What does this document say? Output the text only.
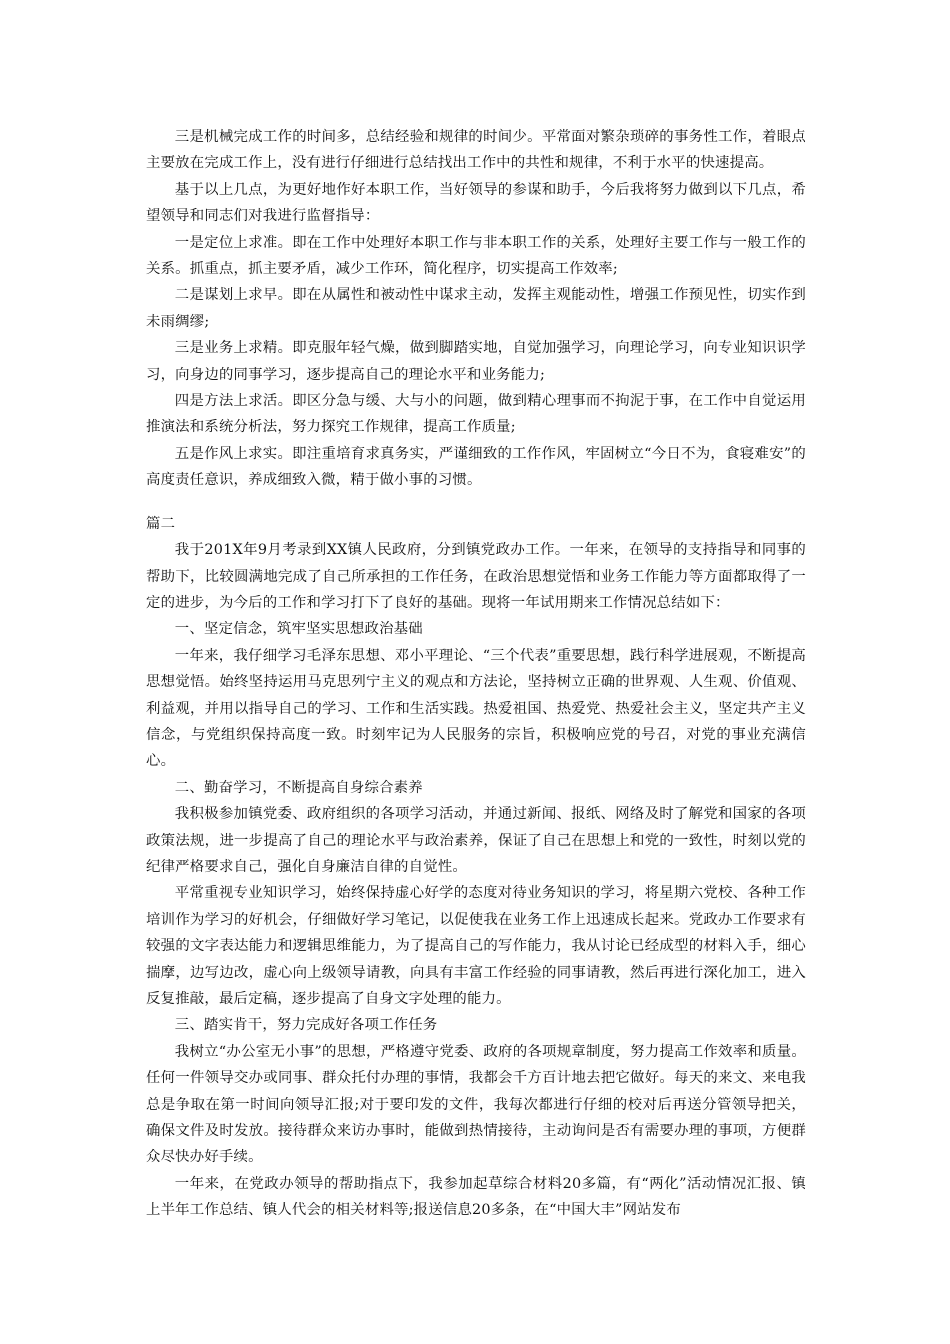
三是机械完成工作的时间多，总结经验和规律的时间少。平常面对繁杂琐碎的事务性工作，着眼点主要放在完成工作上，没有进行仔细进行总结找出工作中的共性和规律，不利于水平的快速提高。

基于以上几点，为更好地作好本职工作，当好领导的参谋和助手，今后我将努力做到以下几点，希望领导和同志们对我进行监督指导：

一是定位上求准。即在工作中处理好本职工作与非本职工作的关系，处理好主要工作与一般工作的关系。抓重点，抓主要矛盾，减少工作环，简化程序，切实提高工作效率;

二是谋划上求早。即在从属性和被动性中谋求主动，发挥主观能动性，增强工作预见性，切实作到未雨绸缪;

三是业务上求精。即克服年轻气燥，做到脚踏实地，自觉加强学习，向理论学习，向专业知识识学习，向身边的同事学习，逐步提高自己的理论水平和业务能力;

四是方法上求活。即区分急与缓、大与小的问题，做到精心理事而不拘泥于事，在工作中自觉运用推演法和系统分析法，努力探究工作规律，提高工作质量;

五是作风上求实。即注重培育求真务实，严谨细致的工作作风，牢固树立“今日不为，食寝难安”的高度责任意识，养成细致入微，精于做小事的习惯。

篇二

我于201X年9月考录到XX镇人民政府，分到镇党政办工作。一年来，在领导的支持指导和同事的帮助下，比较圆满地完成了自己所承担的工作任务，在政治思想觉悟和业务工作能力等方面都取得了一定的进步，为今后的工作和学习打下了良好的基础。现将一年试用期来工作情况总结如下：

一、坚定信念，筑牢坚实思想政治基础

一年来，我仔细学习毛泽东思想、邓小平理论、“三个代表”重要思想，践行科学进展观，不断提高思想觉悟。始终坚持运用马克思列宁主义的观点和方法论，坚持树立正确的世界观、人生观、价值观、利益观，并用以指导自己的学习、工作和生活实践。热爱祖国、热爱党、热爱社会主义，坚定共产主义信念，与党组织保持高度一致。时刻牢记为人民服务的宗旨，积极响应党的号召，对党的事业充满信心。

二、勤奋学习，不断提高自身综合素养

我积极参加镇党委、政府组织的各项学习活动，并通过新闻、报纸、网络及时了解党和国家的各项政策法规，进一步提高了自己的理论水平与政治素养，保证了自己在思想上和党的一致性，时刻以党的纪律严格要求自己，强化自身廉洁自律的自觉性。

平常重视专业知识学习，始终保持虚心好学的态度对待业务知识的学习，将星期六党校、各种工作培训作为学习的好机会，仔细做好学习笔记，以促使我在业务工作上迅速成长起来。党政办工作要求有较强的文字表达能力和逻辑思维能力，为了提高自己的写作能力，我从讨论已经成型的材料入手，细心揣摩，边写边改，虚心向上级领导请教，向具有丰富工作经验的同事请教，然后再进行深化加工，进入反复推敲，最后定稿，逐步提高了自身文字处理的能力。

三、踏实肯干，努力完成好各项工作任务

我树立“办公室无小事”的思想，严格遵守党委、政府的各项规章制度，努力提高工作效率和质量。任何一件领导交办或同事、群众托付办理的事情，我都会千方百计地去把它做好。每天的来文、来电我总是争取在第一时间向领导汇报;对于要印发的文件，我每次都进行仔细的校对后再送分管领导把关，确保文件及时发放。接待群众来访办事时，能做到热情接待，主动询问是否有需要办理的事项，方便群众尽快办好手续。

一年来，在党政办领导的帮助指点下，我参加起草综合材料20多篇，有“两化”活动情况汇报、镇上半年工作总结、镇人代会的相关材料等;报送信息20多条，在“中国大丰”网站发布
